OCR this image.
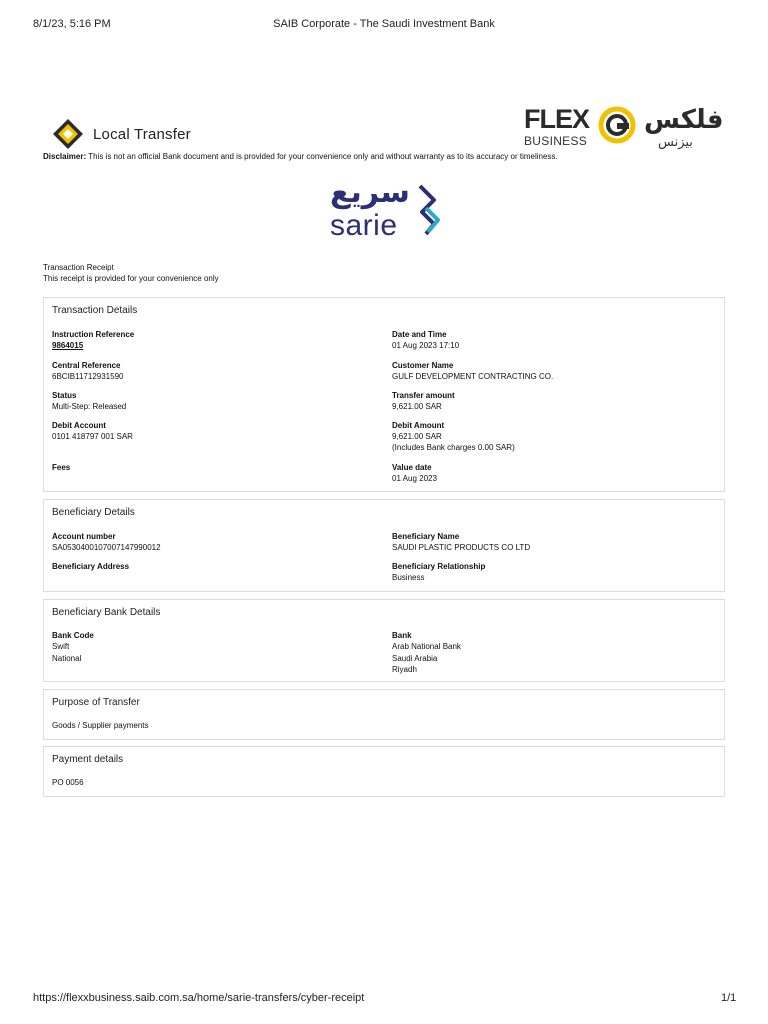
8/1/23, 5:16 PM	SAIB Corporate - The Saudi Investment Bank
Local Transfer
FLEX
BUSINESS
فلكس
بيزنس
Disclaimer: This is not an official Bank document and is provided for your convenience only and without warranty as to its accuracy or timeliness.
سريع
sarie
Transaction Receipt
This receipt is provided for your convenience only
Transaction Details
Instruction Reference
9864015
Central Reference
6BCIB11712931590
Status
Multi-Step: Released
Debit Account
0101 418797 001 SAR
Fees
Date and Time
01 Aug 2023 17:10
Customer Name
GULF DEVELOPMENT CONTRACTING CO.
Transfer amount
9,621.00 SAR
Debit Amount
9,621.00 SAR
(Includes Bank charges 0.00 SAR)
Value date
01 Aug 2023
Beneficiary Details
Account number
SA0530400107007147990012
Beneficiary Address
Beneficiary Name
SAUDI PLASTIC PRODUCTS CO LTD
Beneficiary Relationship
Business
Beneficiary Bank Details
Bank Code
Swift
National
Bank
Arab National Bank
Saudi Arabia
Riyadh
Purpose of Transfer
Goods / Supplier payments
Payment details
PO 0056
https://flexxbusiness.saib.com.sa/home/sarie-transfers/cyber-receipt	1/1
